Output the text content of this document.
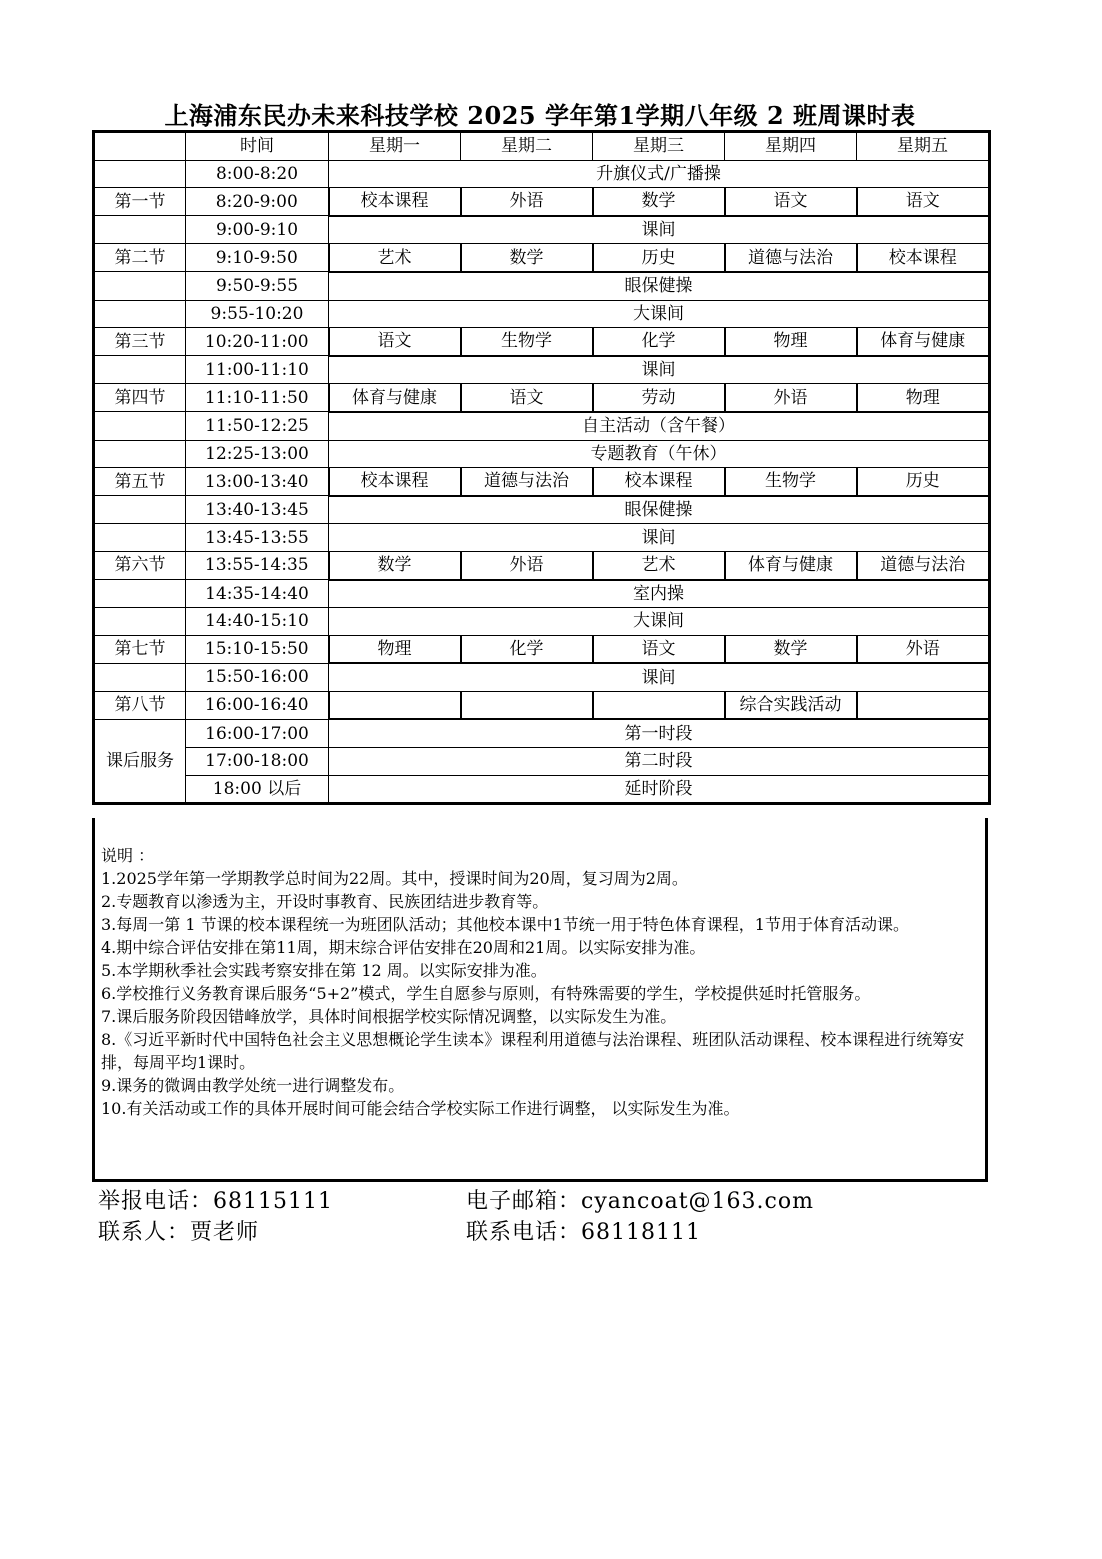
上海浦东民办未来科技学校 2025 学年第1学期八年级 2 班周课时表
	时间	星期一	星期二	星期三	星期四	星期五
	8:00-8:20	升旗仪式/广播操				
第一节	8:20-9:00	校本课程	外语	数学	语文	语文
	9:00-9:10	课间				
第二节	9:10-9:50	艺术	数学	历史	道德与法治	校本课程
	9:50-9:55	眼保健操				
	9:55-10:20	大课间				
第三节	10:20-11:00	语文	生物学	化学	物理	体育与健康
	11:00-11:10	课间				
第四节	11:10-11:50	体育与健康	语文	劳动	外语	物理
	11:50-12:25	自主活动（含午餐）				
	12:25-13:00	专题教育（午休）				
第五节	13:00-13:40	校本课程	道德与法治	校本课程	生物学	历史
	13:40-13:45	眼保健操				
	13:45-13:55	课间				
第六节	13:55-14:35	数学	外语	艺术	体育与健康	道德与法治
	14:35-14:40	室内操				
	14:40-15:10	大课间				
第七节	15:10-15:50	物理	化学	语文	数学	外语
	15:50-16:00	课间				
第八节	16:00-16:40				综合实践活动	
课后服务	16:00-17:00	第一时段				
	17:00-18:00	第二时段				
	18:00 以后	延时阶段				
说明 ：
1.2025学年第一学期教学总时间为22周。其中，授课时间为20周，复习周为2周。
2.专题教育以渗透为主，开设时事教育、民族团结进步教育等。
3.每周一第 1 节课的校本课程统一为班团队活动；其他校本课中1节统一用于特色体育课程，1节用于体育活动课。
4.期中综合评估安排在第11周，期末综合评估安排在20周和21周。以实际安排为准。
5.本学期秋季社会实践考察安排在第 12 周。以实际安排为准。
6.学校推行义务教育课后服务“5+2”模式，学生自愿参与原则，有特殊需要的学生，学校提供延时托管服务。
7.课后服务阶段因错峰放学，具体时间根据学校实际情况调整，以实际发生为准。
8.《习近平新时代中国特色社会主义思想概论学生读本》课程利用道德与法治课程、班团队活动课程、校本课程进行统筹安排，每周平均1课时。
9.课务的微调由教学处统一进行调整发布。
10.有关活动或工作的具体开展时间可能会结合学校实际工作进行调整， 以实际发生为准。
举报电话：68115111	电子邮箱：cyancoat@163.com
联系人：贾老师	联系电话：68118111
